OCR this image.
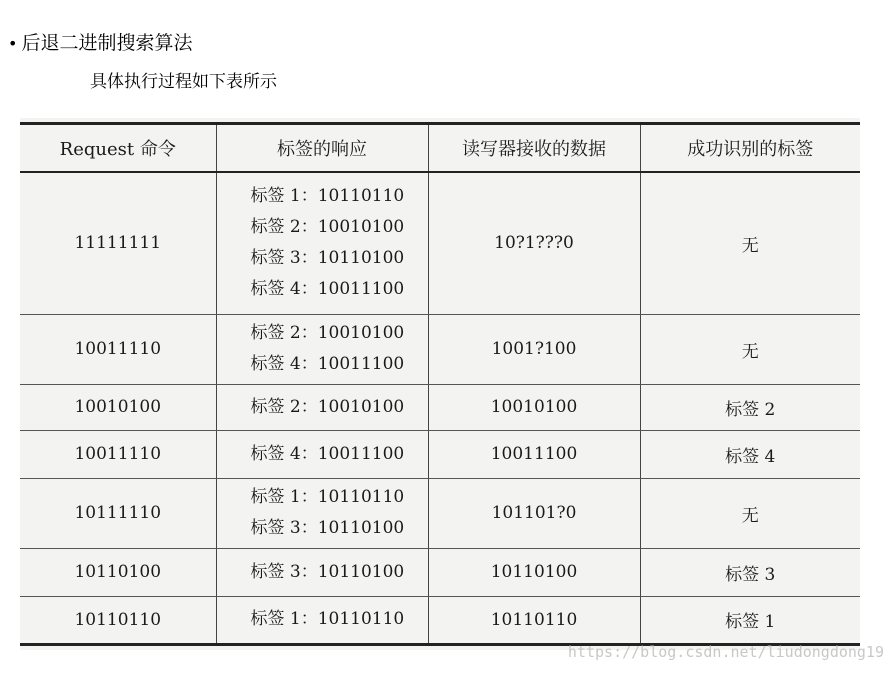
• 后退二进制搜索算法
具体执行过程如下表所示
Request 命令	标签的响应	读写器接收的数据	成功识别的标签
11111111	标签 1：10110110
标签 2：10010100
标签 3：10110100
标签 4：10011100	10?1???0	无
10011110	标签 2：10010100
标签 4：10011100	1001?100	无
10010100	标签 2：10010100	10010100	标签 2
10011110	标签 4：10011100	10011100	标签 4
10111110	标签 1：10110110
标签 3：10110100	101101?0	无
10110100	标签 3：10110100	10110100	标签 3
10110110	标签 1：10110110	10110110	标签 1
https://blog.csdn.net/liudongdong19
